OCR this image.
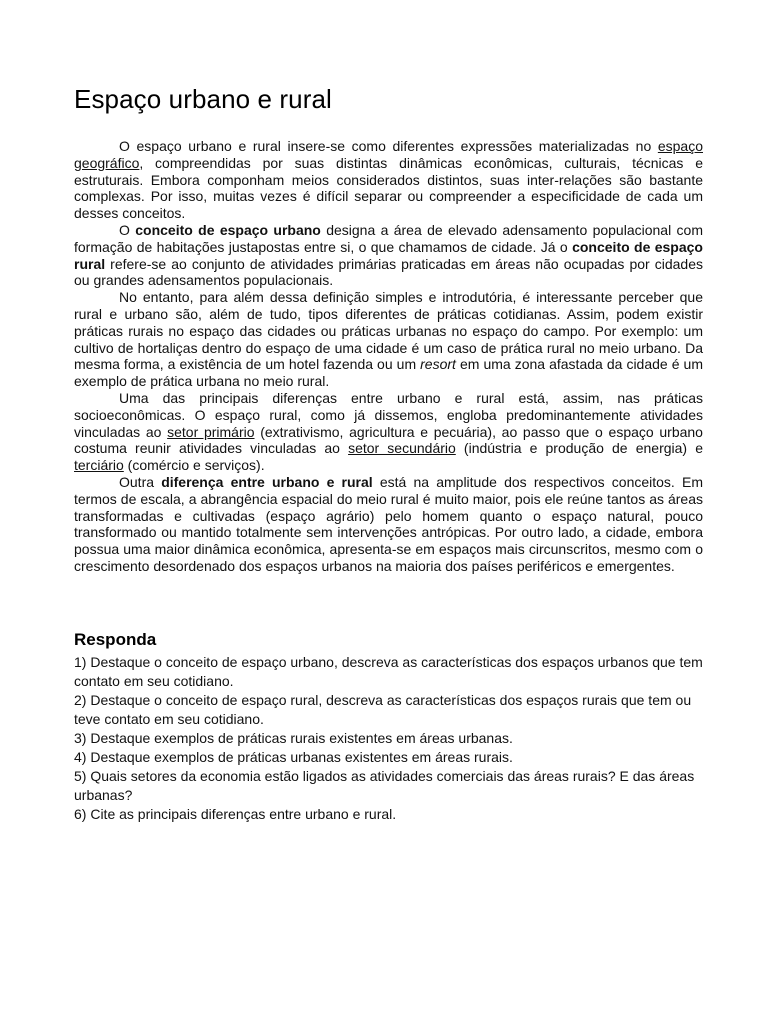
Espaço urbano e rural

O espaço urbano e rural insere-se como diferentes expressões materializadas no espaço geográfico, compreendidas por suas distintas dinâmicas econômicas, culturais, técnicas e estruturais. Embora componham meios considerados distintos, suas inter-relações são bastante complexas. Por isso, muitas vezes é difícil separar ou compreender a especificidade de cada um desses conceitos.

O conceito de espaço urbano designa a área de elevado adensamento populacional com formação de habitações justapostas entre si, o que chamamos de cidade. Já o conceito de espaço rural refere-se ao conjunto de atividades primárias praticadas em áreas não ocupadas por cidades ou grandes adensamentos populacionais.

No entanto, para além dessa definição simples e introdutória, é interessante perceber que rural e urbano são, além de tudo, tipos diferentes de práticas cotidianas. Assim, podem existir práticas rurais no espaço das cidades ou práticas urbanas no espaço do campo. Por exemplo: um cultivo de hortaliças dentro do espaço de uma cidade é um caso de prática rural no meio urbano. Da mesma forma, a existência de um hotel fazenda ou um resort em uma zona afastada da cidade é um exemplo de prática urbana no meio rural.

Uma das principais diferenças entre urbano e rural está, assim, nas práticas socioeconômicas. O espaço rural, como já dissemos, engloba predominantemente atividades vinculadas ao setor primário (extrativismo, agricultura e pecuária), ao passo que o espaço urbano costuma reunir atividades vinculadas ao setor secundário (indústria e produção de energia) e terciário (comércio e serviços).

Outra diferença entre urbano e rural está na amplitude dos respectivos conceitos. Em termos de escala, a abrangência espacial do meio rural é muito maior, pois ele reúne tantos as áreas transformadas e cultivadas (espaço agrário) pelo homem quanto o espaço natural, pouco transformado ou mantido totalmente sem intervenções antrópicas. Por outro lado, a cidade, embora possua uma maior dinâmica econômica, apresenta-se em espaços mais circunscritos, mesmo com o crescimento desordenado dos espaços urbanos na maioria dos países periféricos e emergentes.

Responda

1) Destaque o conceito de espaço urbano, descreva as características dos espaços urbanos que tem contato em seu cotidiano.

2) Destaque o conceito de espaço rural, descreva as características dos espaços rurais que tem ou teve contato em seu cotidiano.

3) Destaque exemplos de práticas rurais existentes em áreas urbanas.

4) Destaque exemplos de práticas urbanas existentes em áreas rurais.

5) Quais setores da economia estão ligados as atividades comerciais das áreas rurais? E das áreas urbanas?

6) Cite as principais diferenças entre urbano e rural.
